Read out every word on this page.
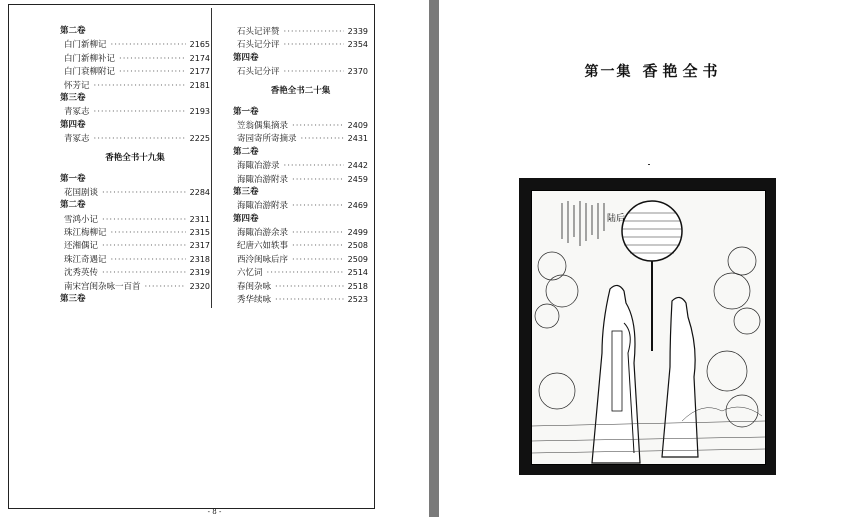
第二卷
白门新柳记 ·····	2165
白门新柳补记 ·····	2174
白门衰柳附记 ·····	2177
怀芳记 ·····	2181
第三卷
青冢志 ·····	2193
第四卷
青冢志 ·····	2225
香艳全书十九集
第一卷
花国剧谈 ·····	2284
第二卷
雪鸿小记 ·····	2311
珠江梅柳记 ·····	2315
还湘偶记 ·····	2317
珠江奇遇记 ·····	2318
沈秀英传 ·····	2319
南宋宫闺杂咏一百首 ·····	2320
第三卷
石头记评赞 ·····	2339
石头记分评 ·····	2354
第四卷
石头记分评 ·····	2370
香艳全书二十集
第一卷
笠翁偶集摘录 ·····	2409
寄园寄所寄摘录 ·····	2431
第二卷
海陬冶游录 ·····	2442
海陬冶游附录 ·····	2459
第三卷
海陬冶游附录 ·····	2469
第四卷
海陬冶游余录 ·····	2499
纪唐六如轶事 ·····	2508
西泠闺咏后序 ·····	2509
六忆词 ·····	2514
春闺杂咏 ·····	2518
秀华续咏 ·····	2523
- 8 -
第一集 香艳全书
陆后
